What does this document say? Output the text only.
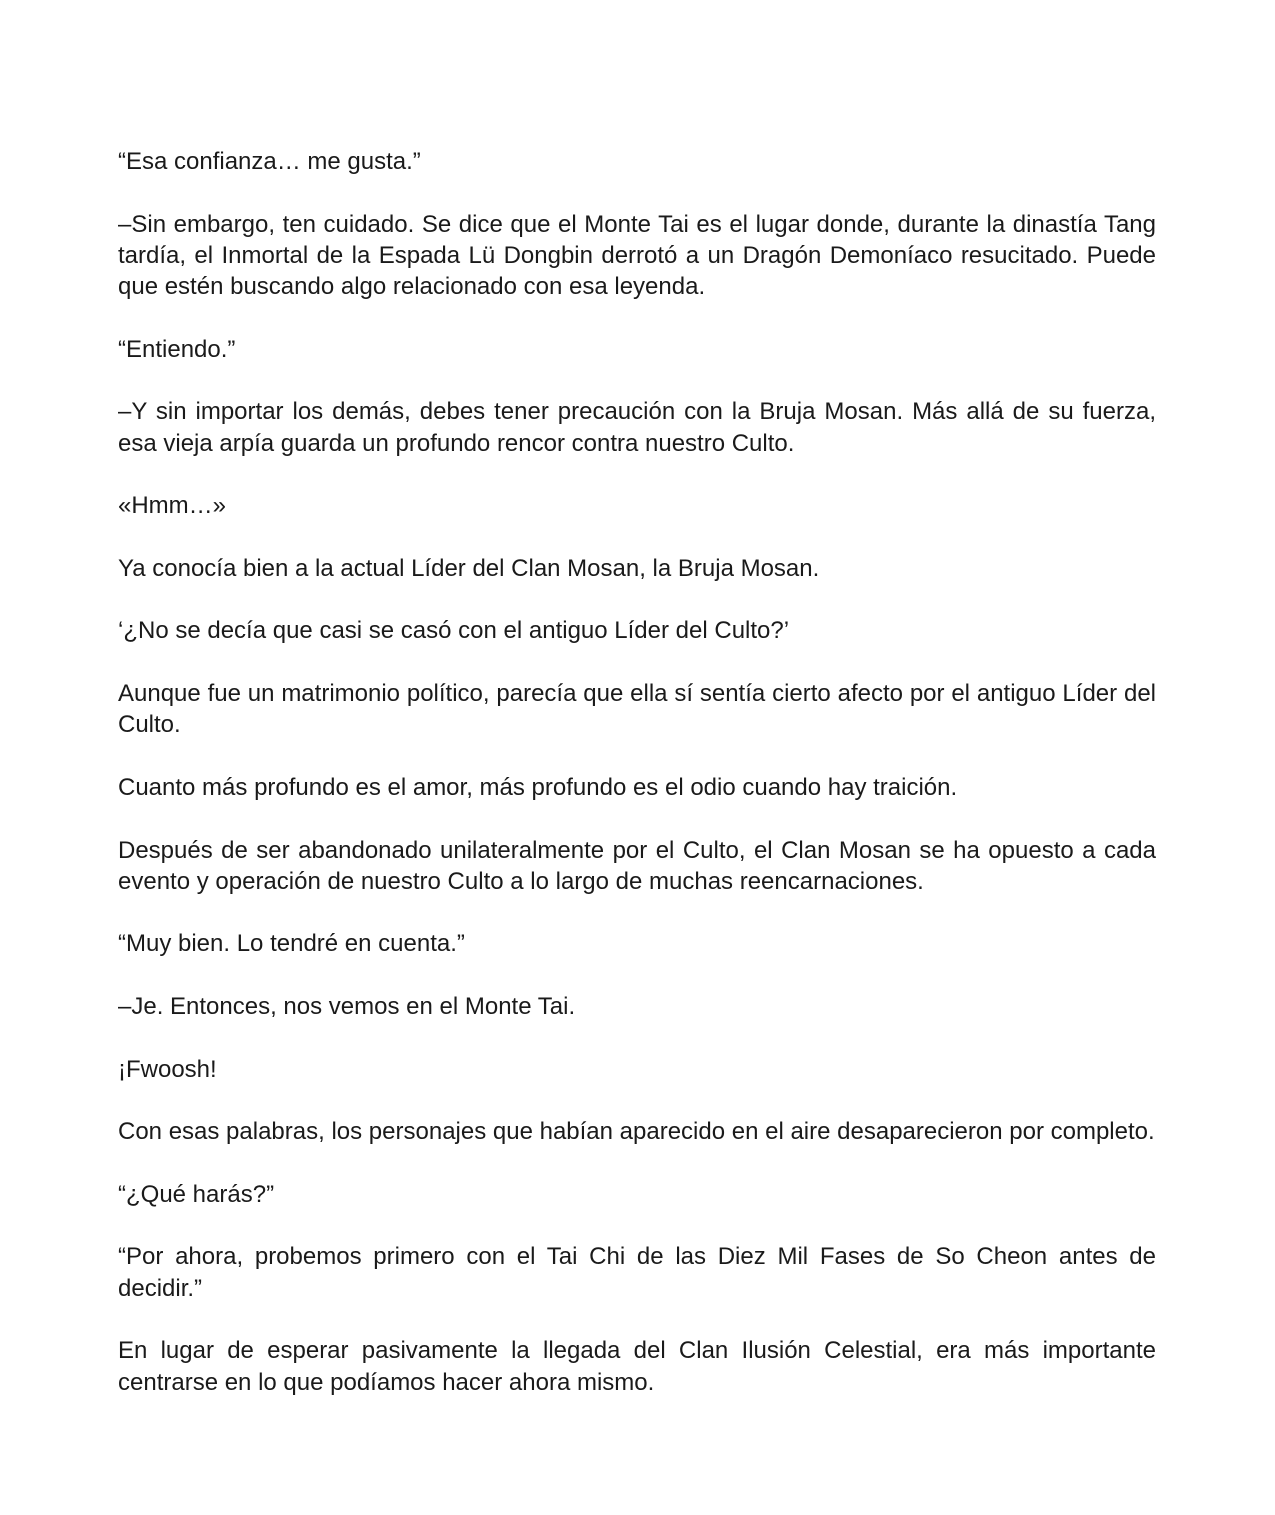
“Esa confianza… me gusta.”

–Sin embargo, ten cuidado. Se dice que el Monte Tai es el lugar donde, durante la dinastía Tang tardía, el Inmortal de la Espada Lü Dongbin derrotó a un Dragón Demoníaco resucitado. Puede que estén buscando algo relacionado con esa leyenda.

“Entiendo.”

–Y sin importar los demás, debes tener precaución con la Bruja Mosan. Más allá de su fuerza, esa vieja arpía guarda un profundo rencor contra nuestro Culto.

«Hmm…»

Ya conocía bien a la actual Líder del Clan Mosan, la Bruja Mosan.

‘¿No se decía que casi se casó con el antiguo Líder del Culto?’

Aunque fue un matrimonio político, parecía que ella sí sentía cierto afecto por el antiguo Líder del Culto.

Cuanto más profundo es el amor, más profundo es el odio cuando hay traición.

Después de ser abandonado unilateralmente por el Culto, el Clan Mosan se ha opuesto a cada evento y operación de nuestro Culto a lo largo de muchas reencarnaciones.

“Muy bien. Lo tendré en cuenta.”

–Je. Entonces, nos vemos en el Monte Tai.

¡Fwoosh!

Con esas palabras, los personajes que habían aparecido en el aire desaparecieron por completo.

“¿Qué harás?”

“Por ahora, probemos primero con el Tai Chi de las Diez Mil Fases de So Cheon antes de decidir.”

En lugar de esperar pasivamente la llegada del Clan Ilusión Celestial, era más importante centrarse en lo que podíamos hacer ahora mismo.
